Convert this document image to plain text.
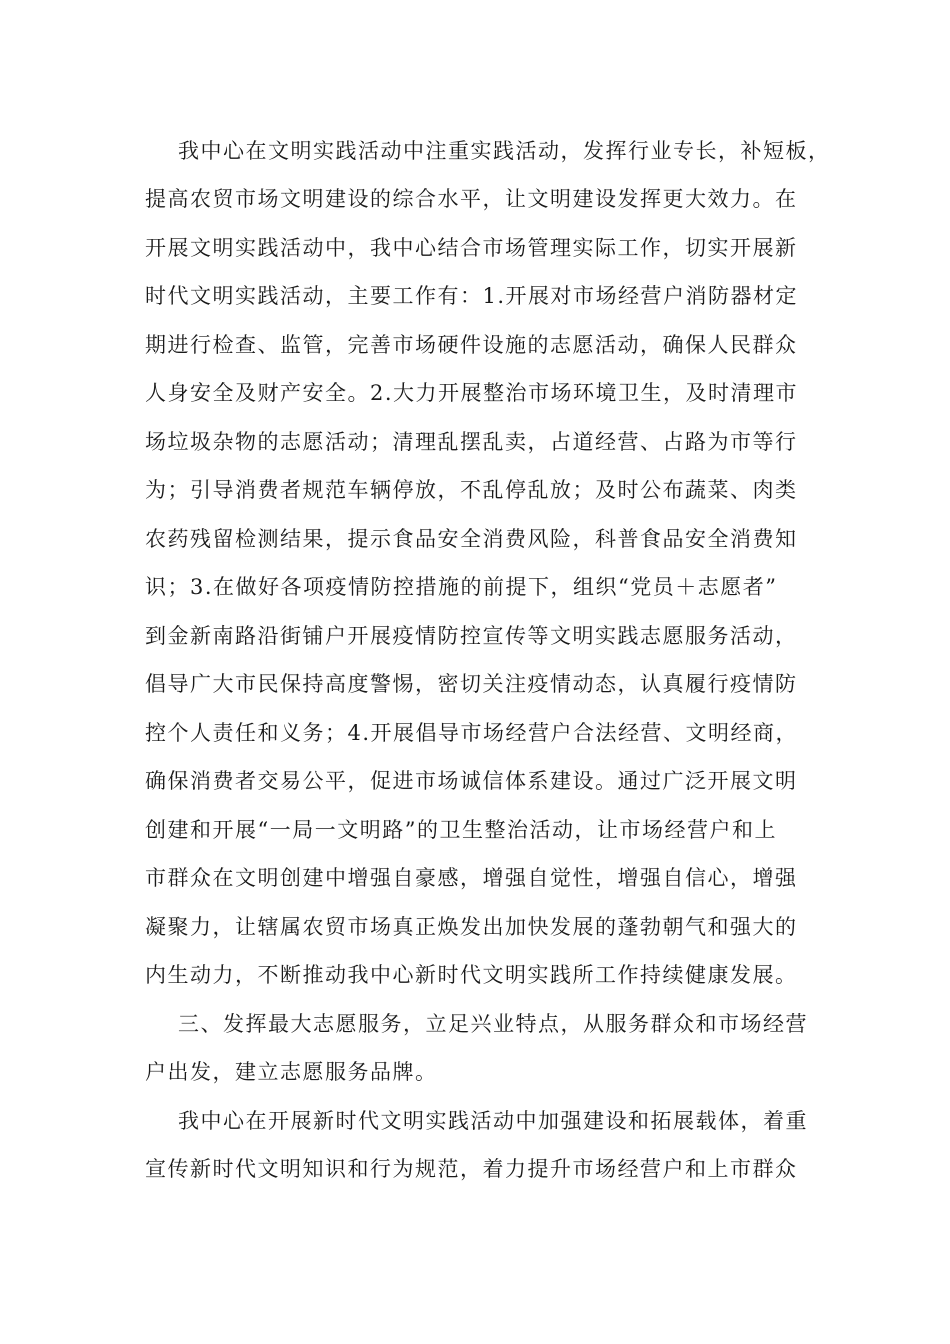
我中心在文明实践活动中注重实践活动，发挥行业专长，补短板，
提高农贸市场文明建设的综合水平，让文明建设发挥更大效力。在
开展文明实践活动中，我中心结合市场管理实际工作，切实开展新
时代文明实践活动，主要工作有：1.开展对市场经营户消防器材定
期进行检查、监管，完善市场硬件设施的志愿活动，确保人民群众
人身安全及财产安全。2.大力开展整治市场环境卫生，及时清理市
场垃圾杂物的志愿活动；清理乱摆乱卖，占道经营、占路为市等行
为；引导消费者规范车辆停放，不乱停乱放；及时公布蔬菜、肉类
农药残留检测结果，提示食品安全消费风险，科普食品安全消费知
识；3.在做好各项疫情防控措施的前提下，组织“党员＋志愿者”
到金新南路沿街铺户开展疫情防控宣传等文明实践志愿服务活动，
倡导广大市民保持高度警惕，密切关注疫情动态，认真履行疫情防
控个人责任和义务；4.开展倡导市场经营户合法经营、文明经商，
确保消费者交易公平，促进市场诚信体系建设。通过广泛开展文明
创建和开展“一局一文明路”的卫生整治活动，让市场经营户和上
市群众在文明创建中增强自豪感，增强自觉性，增强自信心，增强
凝聚力，让辖属农贸市场真正焕发出加快发展的蓬勃朝气和强大的
内生动力，不断推动我中心新时代文明实践所工作持续健康发展。
三、发挥最大志愿服务，立足兴业特点，从服务群众和市场经营
户出发，建立志愿服务品牌。
我中心在开展新时代文明实践活动中加强建设和拓展载体，着重
宣传新时代文明知识和行为规范，着力提升市场经营户和上市群众
